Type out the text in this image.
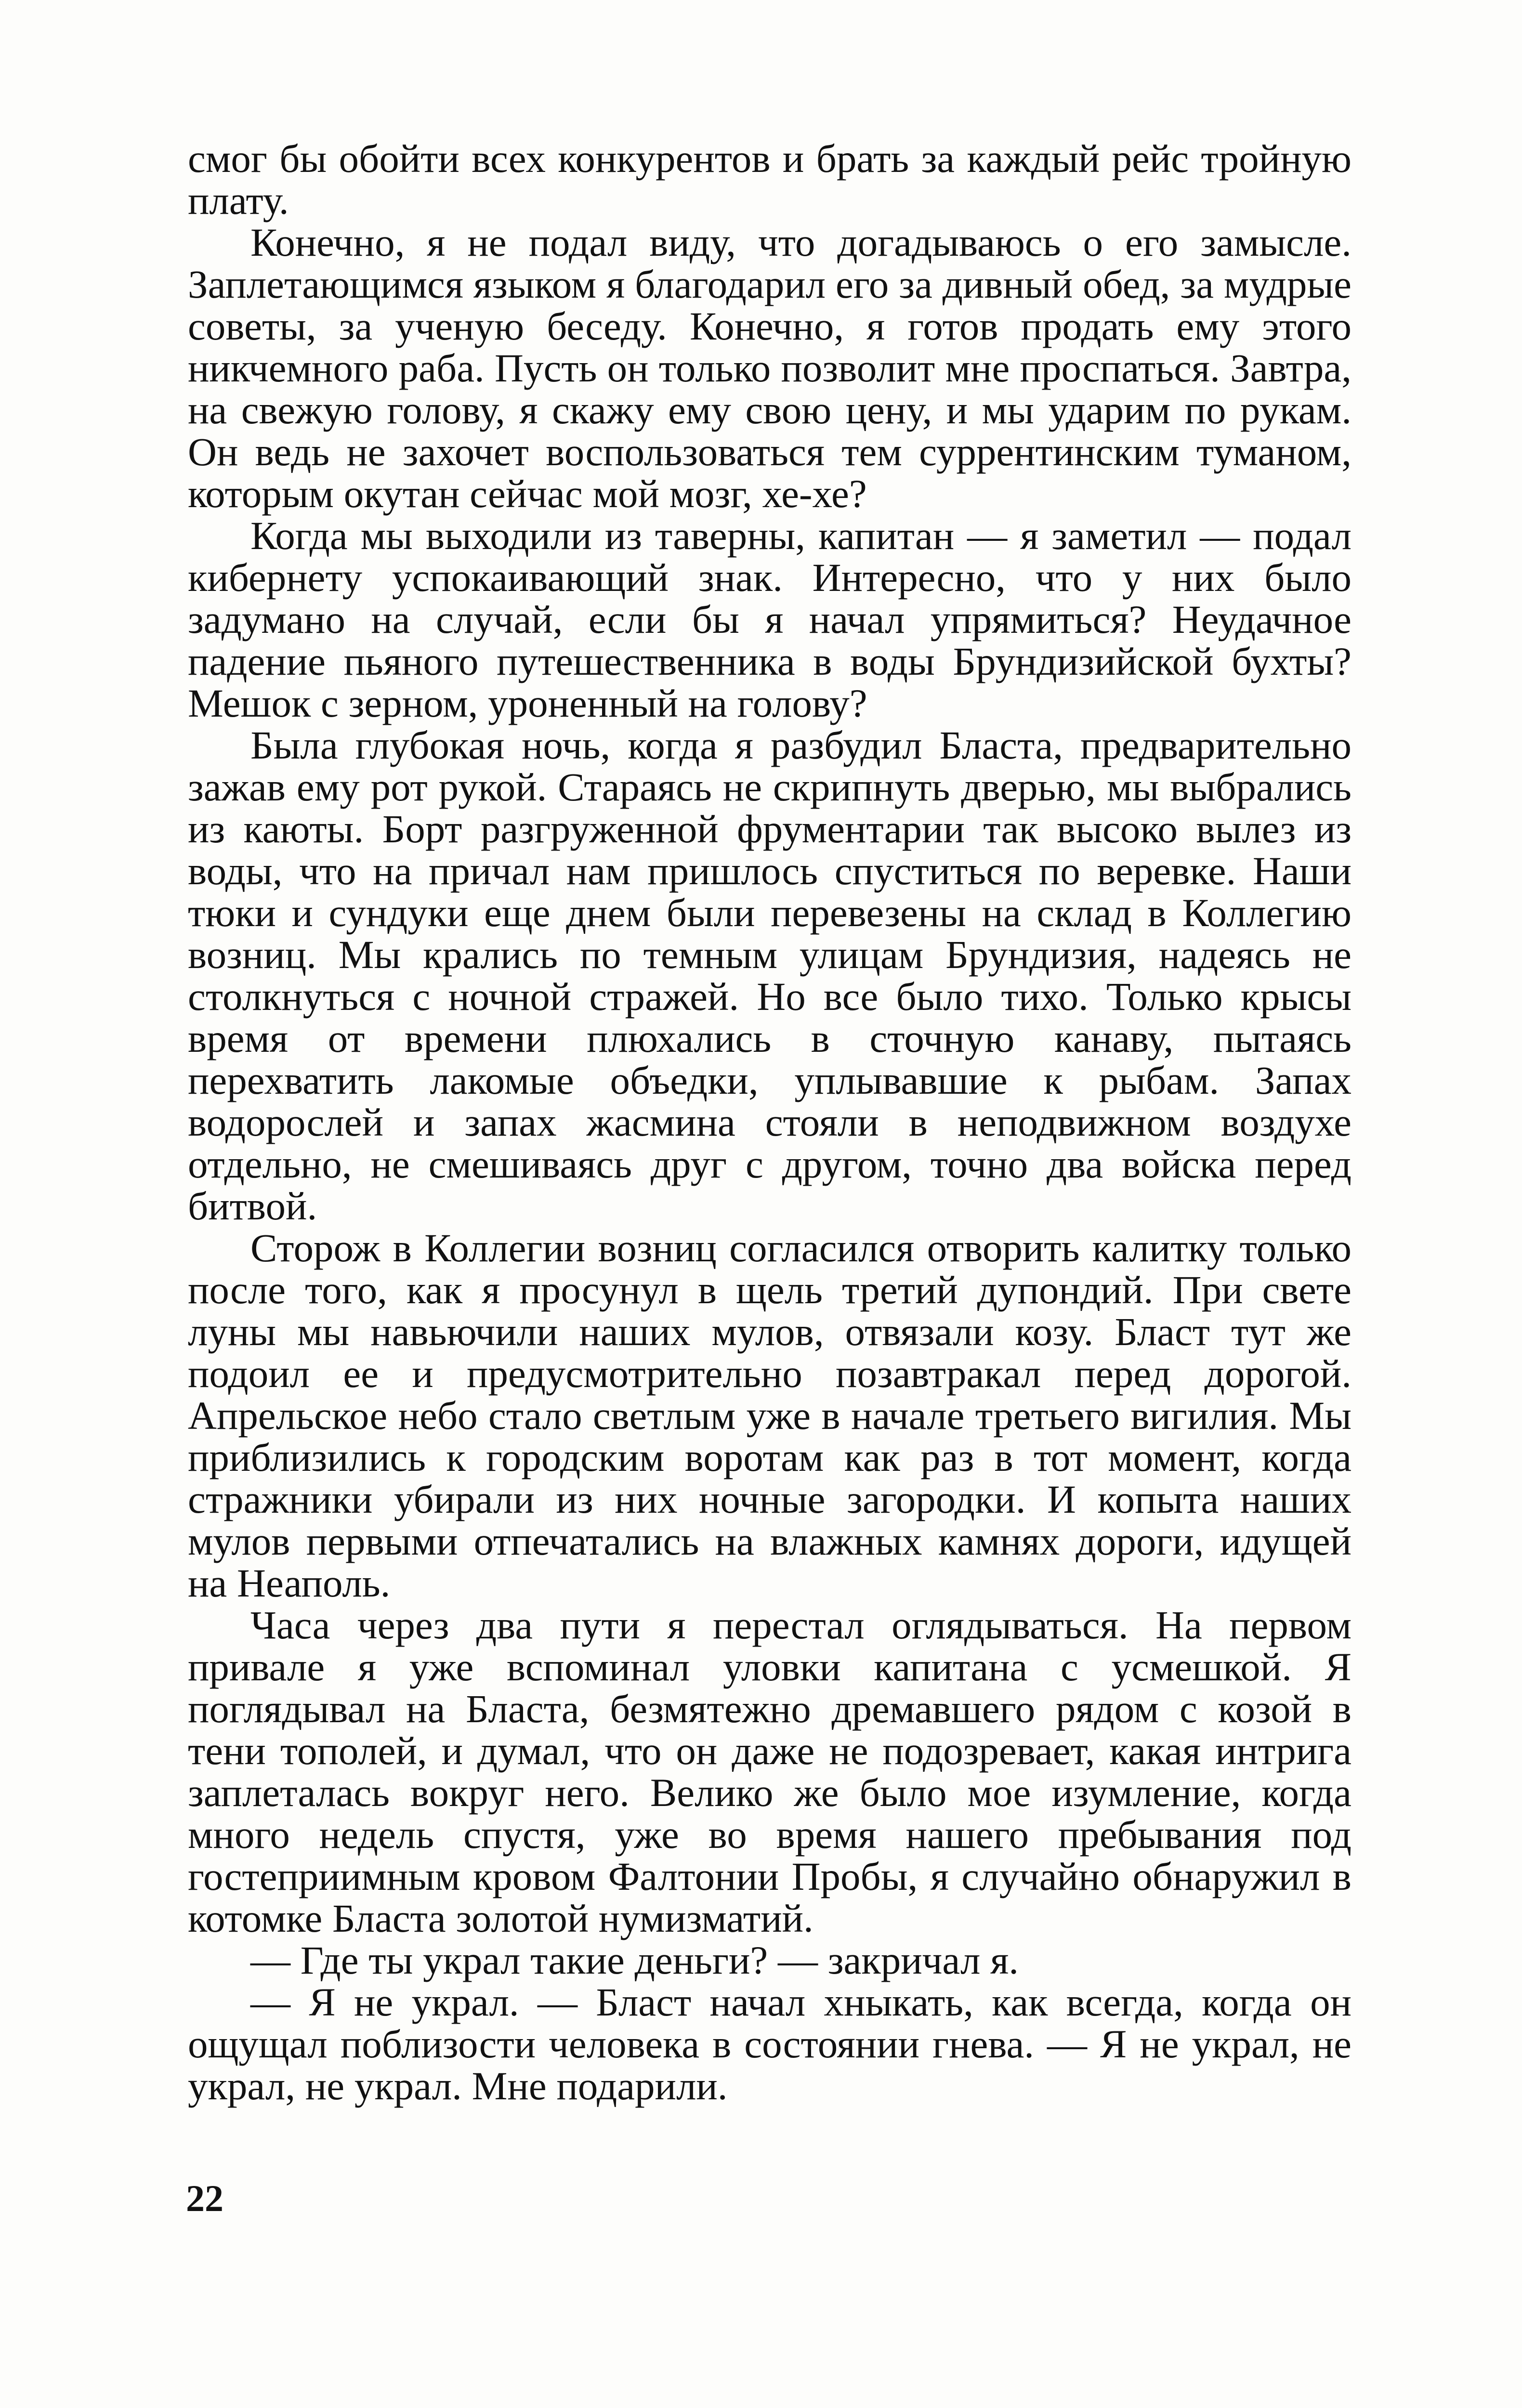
смог бы обойти всех конкурентов и брать за каждый рейс тройную плату.

Конечно, я не подал виду, что догадываюсь о его замысле. Заплетающимся языком я благодарил его за дивный обед, за мудрые советы, за ученую беседу. Конечно, я готов продать ему этого никчемного раба. Пусть он только позволит мне проспаться. Завтра, на свежую голову, я скажу ему свою цену, и мы ударим по рукам. Он ведь не захочет воспользоваться тем суррентинским туманом, которым окутан сейчас мой мозг, хе-хе?

Когда мы выходили из таверны, капитан — я заметил — подал кибернету успокаивающий знак. Интересно, что у них было задумано на случай, если бы я начал упрямиться? Неудачное падение пьяного путешественника в воды Брундизийской бухты? Мешок с зерном, уроненный на голову?

Была глубокая ночь, когда я разбудил Бласта, предварительно зажав ему рот рукой. Стараясь не скрипнуть дверью, мы выбрались из каюты. Борт разгруженной фрументарии так высоко вылез из воды, что на причал нам пришлось спуститься по веревке. Наши тюки и сундуки еще днем были перевезены на склад в Коллегию возниц. Мы крались по темным улицам Брундизия, надеясь не столкнуться с ночной стражей. Но все было тихо. Только крысы время от времени плюхались в сточную канаву, пытаясь перехватить лакомые объедки, уплывавшие к рыбам. Запах водорослей и запах жасмина стояли в неподвижном воздухе отдельно, не смешиваясь друг с другом, точно два войска перед битвой.

Сторож в Коллегии возниц согласился отворить калитку только после того, как я просунул в щель третий дупондий. При свете луны мы навьючили наших мулов, отвязали козу. Бласт тут же подоил ее и предусмотрительно позавтракал перед дорогой. Апрельское небо стало светлым уже в начале третьего вигилия. Мы приблизились к городским воротам как раз в тот момент, когда стражники убирали из них ночные загородки. И копыта наших мулов первыми отпечатались на влажных камнях дороги, идущей на Неаполь.

Часа через два пути я перестал оглядываться. На первом привале я уже вспоминал уловки капитана с усмешкой. Я поглядывал на Бласта, безмятежно дремавшего рядом с козой в тени тополей, и думал, что он даже не подозревает, какая интрига заплеталась вокруг него. Велико же было мое изумление, когда много недель спустя, уже во время нашего пребывания под гостеприимным кровом Фалтонии Пробы, я случайно обнаружил в котомке Бласта золотой нумизматий.

— Где ты украл такие деньги? — закричал я.

— Я не украл. — Бласт начал хныкать, как всегда, когда он ощущал поблизости человека в состоянии гнева. — Я не украл, не украл, не украл. Мне подарили.

22
